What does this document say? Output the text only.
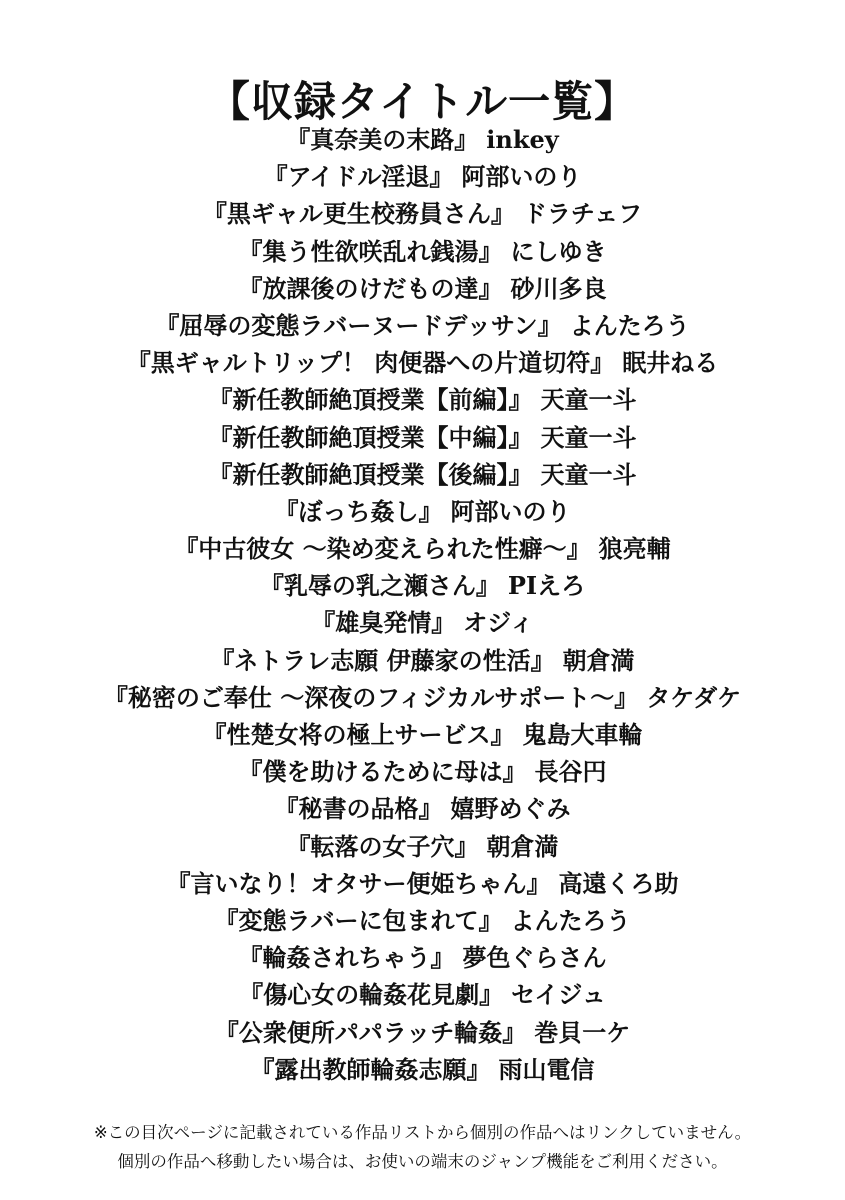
【収録タイトル一覧】
『真奈美の末路』 inkey
『アイドル淫退』 阿部いのり
『黒ギャル更生校務員さん』 ドラチェフ
『集う性欲咲乱れ銭湯』 にしゆき
『放課後のけだもの達』 砂川多良
『屈辱の変態ラバーヌードデッサン』 よんたろう
『黒ギャルトリップ！ 肉便器への片道切符』 眠井ねる
『新任教師絶頂授業【前編】』 天童一斗
『新任教師絶頂授業【中編】』 天童一斗
『新任教師絶頂授業【後編】』 天童一斗
『ぼっち姦し』 阿部いのり
『中古彼女 ～染め変えられた性癖～』 狼亮輔
『乳辱の乳之瀬さん』 PIえろ
『雄臭発情』 オジィ
『ネトラレ志願 伊藤家の性活』 朝倉満
『秘密のご奉仕 ～深夜のフィジカルサポート～』 タケダケ
『性楚女将の極上サービス』 鬼島大車輪
『僕を助けるために母は』 長谷円
『秘書の品格』 嬉野めぐみ
『転落の女子穴』 朝倉満
『言いなり！オタサー便姫ちゃん』 高遠くろ助
『変態ラバーに包まれて』 よんたろう
『輪姦されちゃう』 夢色ぐらさん
『傷心女の輪姦花見劇』 セイジュ
『公衆便所パパラッチ輪姦』 巻貝一ケ
『露出教師輪姦志願』 雨山電信
※この目次ページに記載されている作品リストから個別の作品へはリンクしていません。
個別の作品へ移動したい場合は、お使いの端末のジャンプ機能をご利用ください。
